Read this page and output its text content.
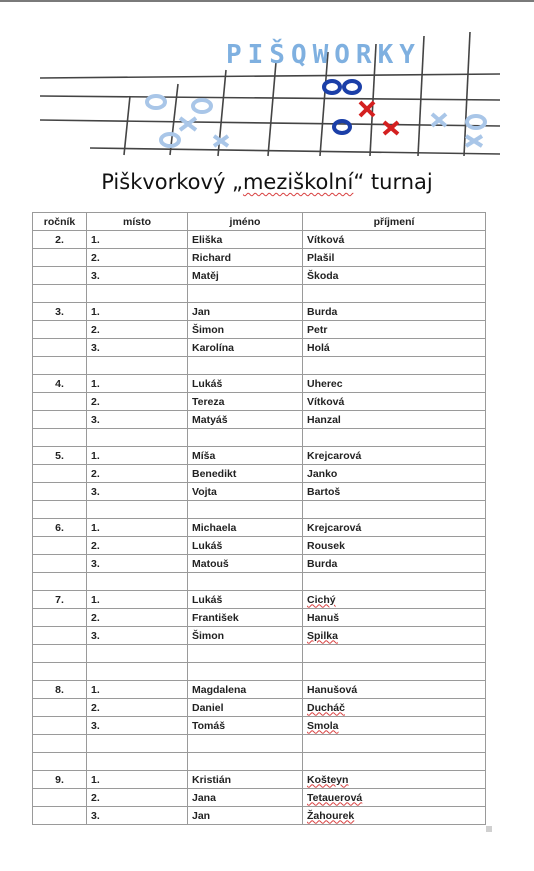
PIŠQWORKY
Piškvorkový „meziškolní“ turnaj
ročník	místo	jméno	příjmení
2.	1.	Eliška	Vítková
	2.	Richard	Plašil
	3.	Matěj	Škoda

3.	1.	Jan	Burda
	2.	Šimon	Petr
	3.	Karolína	Holá

4.	1.	Lukáš	Uherec
	2.	Tereza	Vítková
	3.	Matyáš	Hanzal

5.	1.	Míša	Krejcarová
	2.	Benedikt	Janko
	3.	Vojta	Bartoš

6.	1.	Michaela	Krejcarová
	2.	Lukáš	Rousek
	3.	Matouš	Burda

7.	1.	Lukáš	Cichý
	2.	František	Hanuš
	3.	Šimon	Spilka

8.	1.	Magdalena	Hanušová
	2.	Daniel	Ducháč
	3.	Tomáš	Smola

9.	1.	Kristián	Košteyn
	2.	Jana	Tetauerová
	3.	Jan	Žahourek
